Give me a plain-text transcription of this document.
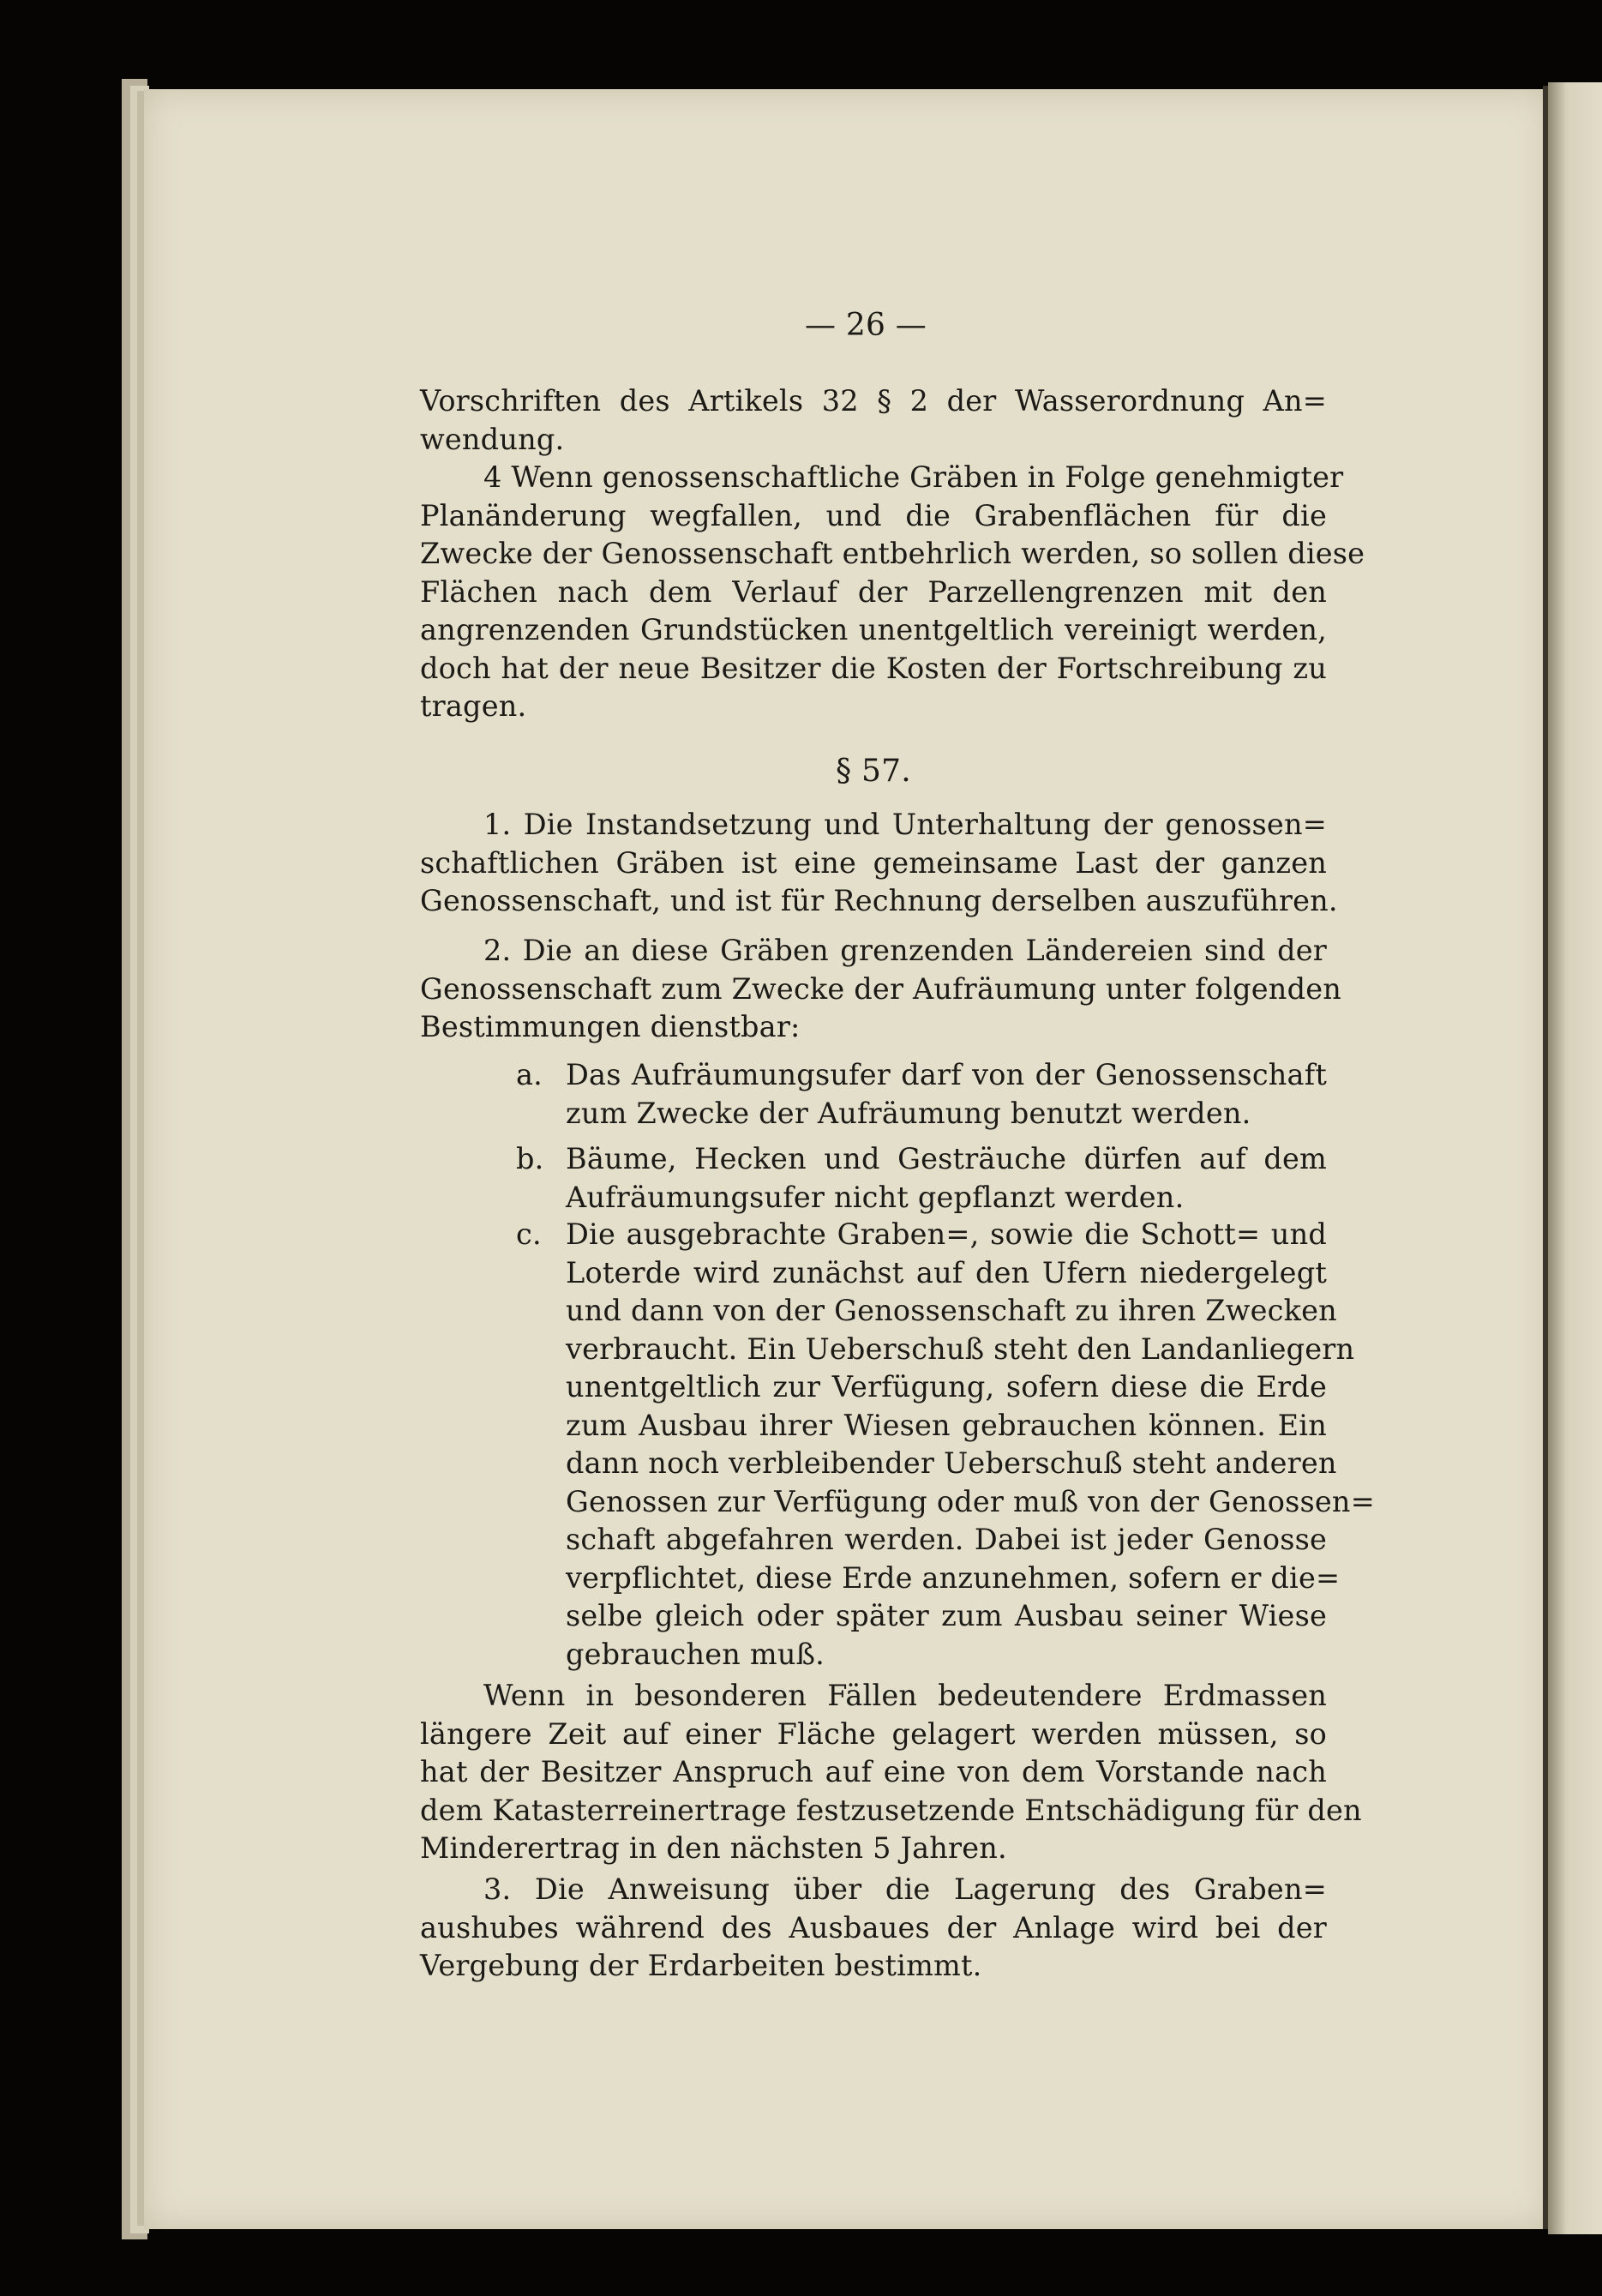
— 26 —
Vorschriften des Artikels 32 § 2 der Wasserordnung An=
wendung.
4 Wenn genossenschaftliche Gräben in Folge genehmigter
Planänderung wegfallen, und die Grabenflächen für die
Zwecke der Genossenschaft entbehrlich werden, so sollen diese
Flächen nach dem Verlauf der Parzellengrenzen mit den
angrenzenden Grundstücken unentgeltlich vereinigt werden,
doch hat der neue Besitzer die Kosten der Fortschreibung zu
tragen.
§ 57.
1. Die Instandsetzung und Unterhaltung der genossen=
schaftlichen Gräben ist eine gemeinsame Last der ganzen
Genossenschaft, und ist für Rechnung derselben auszuführen.
2. Die an diese Gräben grenzenden Ländereien sind der
Genossenschaft zum Zwecke der Aufräumung unter folgenden
Bestimmungen dienstbar:
a. Das Aufräumungsufer darf von der Genossenschaft
zum Zwecke der Aufräumung benutzt werden.
b. Bäume, Hecken und Gesträuche dürfen auf dem
Aufräumungsufer nicht gepflanzt werden.
c. Die ausgebrachte Graben=, sowie die Schott= und
Loterde wird zunächst auf den Ufern niedergelegt
und dann von der Genossenschaft zu ihren Zwecken
verbraucht. Ein Ueberschuß steht den Landanliegern
unentgeltlich zur Verfügung, sofern diese die Erde
zum Ausbau ihrer Wiesen gebrauchen können. Ein
dann noch verbleibender Ueberschuß steht anderen
Genossen zur Verfügung oder muß von der Genossen=
schaft abgefahren werden. Dabei ist jeder Genosse
verpflichtet, diese Erde anzunehmen, sofern er die=
selbe gleich oder später zum Ausbau seiner Wiese
gebrauchen muß.
Wenn in besonderen Fällen bedeutendere Erdmassen
längere Zeit auf einer Fläche gelagert werden müssen, so
hat der Besitzer Anspruch auf eine von dem Vorstande nach
dem Katasterreinertrage festzusetzende Entschädigung für den
Minderertrag in den nächsten 5 Jahren.
3. Die Anweisung über die Lagerung des Graben=
aushubes während des Ausbaues der Anlage wird bei der
Vergebung der Erdarbeiten bestimmt.
